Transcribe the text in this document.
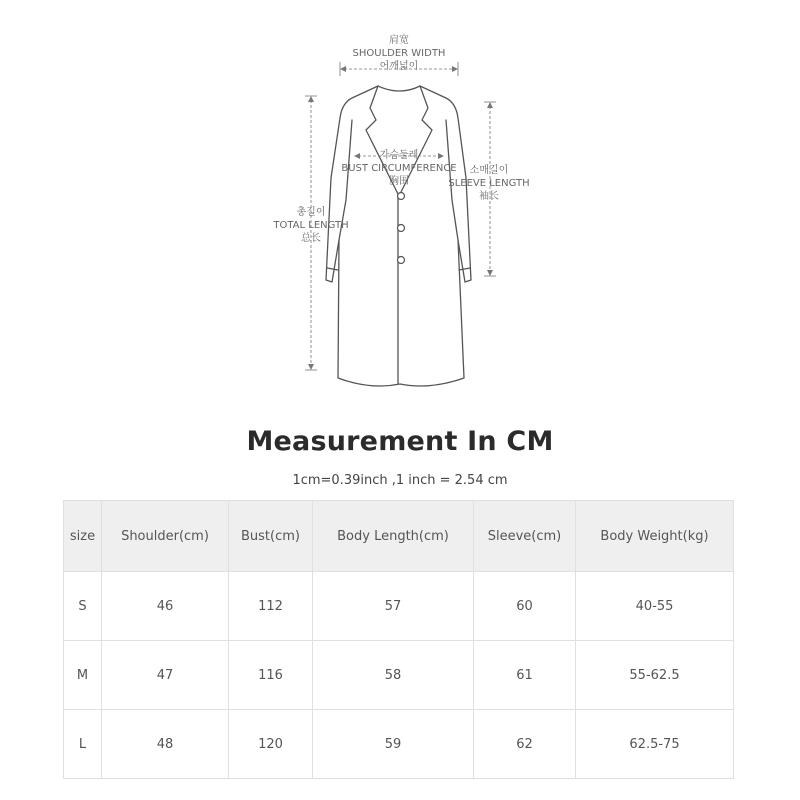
肩宽
SHOULDER WIDTH
어깨넓이
가슴둘레
BUST CIRCUMFERENCE
胸围
소매길이
SLEEVE LENGTH
袖长
총길이
TOTAL LENGTH
总长
Measurement In CM
1cm=0.39inch ,1 inch = 2.54 cm
size	Shoulder(cm)	Bust(cm)	Body Length(cm)	Sleeve(cm)	Body Weight(kg)
S	46	112	57	60	40-55
M	47	116	58	61	55-62.5
L	48	120	59	62	62.5-75
